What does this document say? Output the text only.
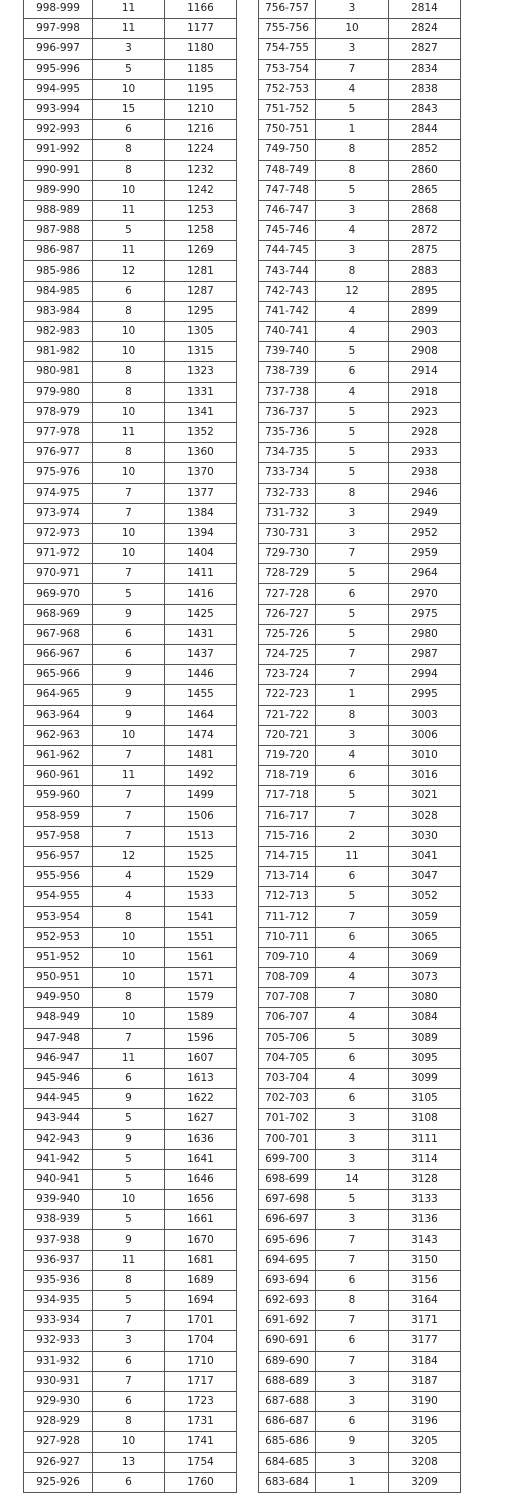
998-999	11	1166
997-998	11	1177
996-997	3	1180
995-996	5	1185
994-995	10	1195
993-994	15	1210
992-993	6	1216
991-992	8	1224
990-991	8	1232
989-990	10	1242
988-989	11	1253
987-988	5	1258
986-987	11	1269
985-986	12	1281
984-985	6	1287
983-984	8	1295
982-983	10	1305
981-982	10	1315
980-981	8	1323
979-980	8	1331
978-979	10	1341
977-978	11	1352
976-977	8	1360
975-976	10	1370
974-975	7	1377
973-974	7	1384
972-973	10	1394
971-972	10	1404
970-971	7	1411
969-970	5	1416
968-969	9	1425
967-968	6	1431
966-967	6	1437
965-966	9	1446
964-965	9	1455
963-964	9	1464
962-963	10	1474
961-962	7	1481
960-961	11	1492
959-960	7	1499
958-959	7	1506
957-958	7	1513
956-957	12	1525
955-956	4	1529
954-955	4	1533
953-954	8	1541
952-953	10	1551
951-952	10	1561
950-951	10	1571
949-950	8	1579
948-949	10	1589
947-948	7	1596
946-947	11	1607
945-946	6	1613
944-945	9	1622
943-944	5	1627
942-943	9	1636
941-942	5	1641
940-941	5	1646
939-940	10	1656
938-939	5	1661
937-938	9	1670
936-937	11	1681
935-936	8	1689
934-935	5	1694
933-934	7	1701
932-933	3	1704
931-932	6	1710
930-931	7	1717
929-930	6	1723
928-929	8	1731
927-928	10	1741
926-927	13	1754
925-926	6	1760
756-757	3	2814
755-756	10	2824
754-755	3	2827
753-754	7	2834
752-753	4	2838
751-752	5	2843
750-751	1	2844
749-750	8	2852
748-749	8	2860
747-748	5	2865
746-747	3	2868
745-746	4	2872
744-745	3	2875
743-744	8	2883
742-743	12	2895
741-742	4	2899
740-741	4	2903
739-740	5	2908
738-739	6	2914
737-738	4	2918
736-737	5	2923
735-736	5	2928
734-735	5	2933
733-734	5	2938
732-733	8	2946
731-732	3	2949
730-731	3	2952
729-730	7	2959
728-729	5	2964
727-728	6	2970
726-727	5	2975
725-726	5	2980
724-725	7	2987
723-724	7	2994
722-723	1	2995
721-722	8	3003
720-721	3	3006
719-720	4	3010
718-719	6	3016
717-718	5	3021
716-717	7	3028
715-716	2	3030
714-715	11	3041
713-714	6	3047
712-713	5	3052
711-712	7	3059
710-711	6	3065
709-710	4	3069
708-709	4	3073
707-708	7	3080
706-707	4	3084
705-706	5	3089
704-705	6	3095
703-704	4	3099
702-703	6	3105
701-702	3	3108
700-701	3	3111
699-700	3	3114
698-699	14	3128
697-698	5	3133
696-697	3	3136
695-696	7	3143
694-695	7	3150
693-694	6	3156
692-693	8	3164
691-692	7	3171
690-691	6	3177
689-690	7	3184
688-689	3	3187
687-688	3	3190
686-687	6	3196
685-686	9	3205
684-685	3	3208
683-684	1	3209
